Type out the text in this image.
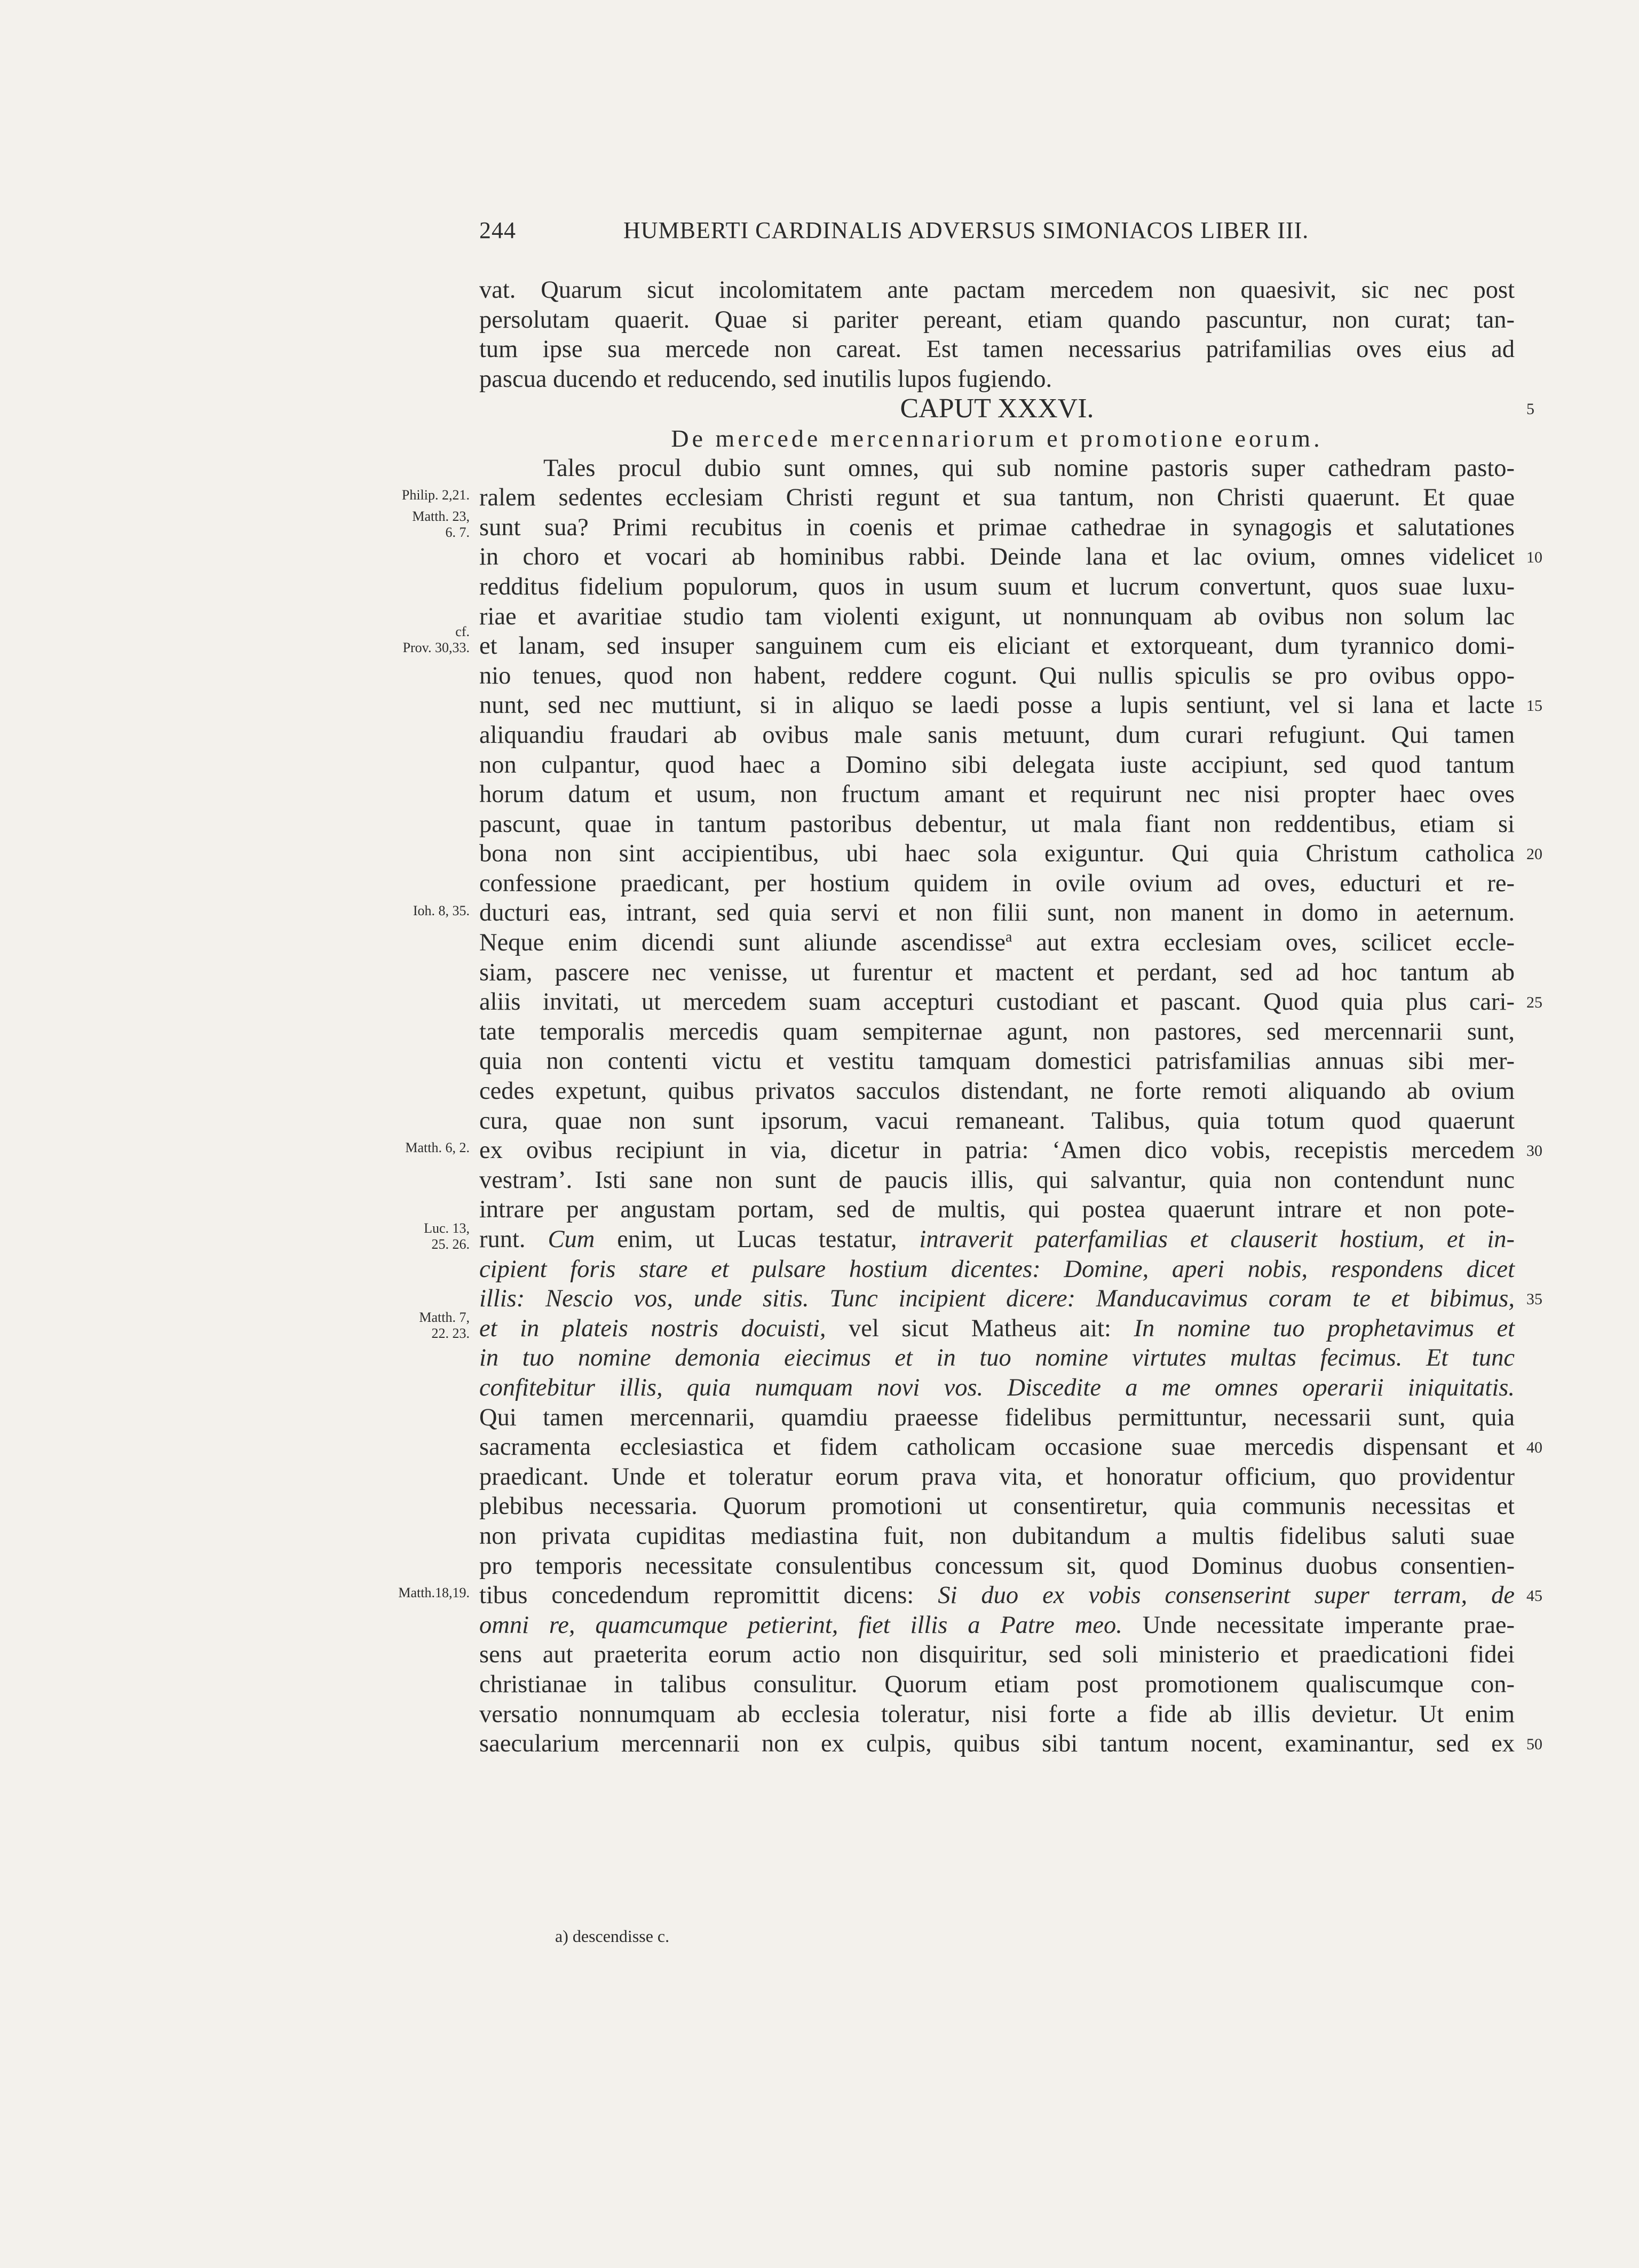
244	HUMBERTI CARDINALIS ADVERSUS SIMONIACOS LIBER III.
vat. Quarum sicut incolomitatem ante pactam mercedem non quaesivit, sic nec post
persolutam quaerit. Quae si pariter pereant, etiam quando pascuntur, non curat; tan-
tum ipse sua mercede non careat. Est tamen necessarius patrifamilias oves eius ad
pascua ducendo et reducendo, sed inutilis lupos fugiendo.
CAPUT XXXVI.
De mercede mercennariorum et promotione eorum.
Tales procul dubio sunt omnes, qui sub nomine pastoris super cathedram pasto-
ralem sedentes ecclesiam Christi regunt et sua tantum, non Christi quaerunt. Et quae
sunt sua? Primi recubitus in coenis et primae cathedrae in synagogis et salutationes
in choro et vocari ab hominibus rabbi. Deinde lana et lac ovium, omnes videlicet
redditus fidelium populorum, quos in usum suum et lucrum convertunt, quos suae luxu-
riae et avaritiae studio tam violenti exigunt, ut nonnunquam ab ovibus non solum lac
et lanam, sed insuper sanguinem cum eis eliciant et extorqueant, dum tyrannico domi-
nio tenues, quod non habent, reddere cogunt. Qui nullis spiculis se pro ovibus oppo-
nunt, sed nec muttiunt, si in aliquo se laedi posse a lupis sentiunt, vel si lana et lacte
aliquandiu fraudari ab ovibus male sanis metuunt, dum curari refugiunt. Qui tamen
non culpantur, quod haec a Domino sibi delegata iuste accipiunt, sed quod tantum
horum datum et usum, non fructum amant et requirunt nec nisi propter haec oves
pascunt, quae in tantum pastoribus debentur, ut mala fiant non reddentibus, etiam si
bona non sint accipientibus, ubi haec sola exiguntur. Qui quia Christum catholica
confessione praedicant, per hostium quidem in ovile ovium ad oves, educturi et re-
ducturi eas, intrant, sed quia servi et non filii sunt, non manent in domo in aeternum.
Neque enim dicendi sunt aliunde ascendisse$^a$ aut extra ecclesiam oves, scilicet eccle-
siam, pascere nec venisse, ut furentur et mactent et perdant, sed ad hoc tantum ab
aliis invitati, ut mercedem suam accepturi custodiant et pascant. Quod quia plus cari-
tate temporalis mercedis quam sempiternae agunt, non pastores, sed mercennarii sunt,
quia non contenti victu et vestitu tamquam domestici patrisfamilias annuas sibi mer-
cedes expetunt, quibus privatos sacculos distendant, ne forte remoti aliquando ab ovium
cura, quae non sunt ipsorum, vacui remaneant. Talibus, quia totum quod quaerunt
ex ovibus recipiunt in via, dicetur in patria: ‘Amen dico vobis, recepistis mercedem
vestram’. Isti sane non sunt de paucis illis, qui salvantur, quia non contendunt nunc
intrare per angustam portam, sed de multis, qui postea quaerunt intrare et non pote-
runt. Cum enim, ut Lucas testatur, intraverit paterfamilias et clauserit hostium, et in-
cipient foris stare et pulsare hostium dicentes: Domine, aperi nobis, respondens dicet
illis: Nescio vos, unde sitis. Tunc incipient dicere: Manducavimus coram te et bibimus,
et in plateis nostris docuisti, vel sicut Matheus ait: In nomine tuo prophetavimus et
in tuo nomine demonia eiecimus et in tuo nomine virtutes multas fecimus. Et tunc
confitebitur illis, quia numquam novi vos. Discedite a me omnes operarii iniquitatis.
Qui tamen mercennarii, quamdiu praeesse fidelibus permittuntur, necessarii sunt, quia
sacramenta ecclesiastica et fidem catholicam occasione suae mercedis dispensant et
praedicant. Unde et toleratur eorum prava vita, et honoratur officium, quo providentur
plebibus necessaria. Quorum promotioni ut consentiretur, quia communis necessitas et
non privata cupiditas mediastina fuit, non dubitandum a multis fidelibus saluti suae
pro temporis necessitate consulentibus concessum sit, quod Dominus duobus consentien-
tibus concedendum repromittit dicens: Si duo ex vobis consenserint super terram, de
omni re, quamcumque petierint, fiet illis a Patre meo. Unde necessitate imperante prae-
sens aut praeterita eorum actio non disquiritur, sed soli ministerio et praedicationi fidei
christianae in talibus consulitur. Quorum etiam post promotionem qualiscumque con-
versatio nonnumquam ab ecclesia toleratur, nisi forte a fide ab illis devietur. Ut enim
saecularium mercennarii non ex culpis, quibus sibi tantum nocent, examinantur, sed ex
5
10
15
20
25
30
35
40
45
50
Philip. 2,21.
Matth. 23,
6. 7.
cf.
Prov. 30,33.
Ioh. 8, 35.
Matth. 6, 2.
Luc. 13,
25. 26.
Matth. 7,
22. 23.
Matth.18,19.
a) descendisse c.
